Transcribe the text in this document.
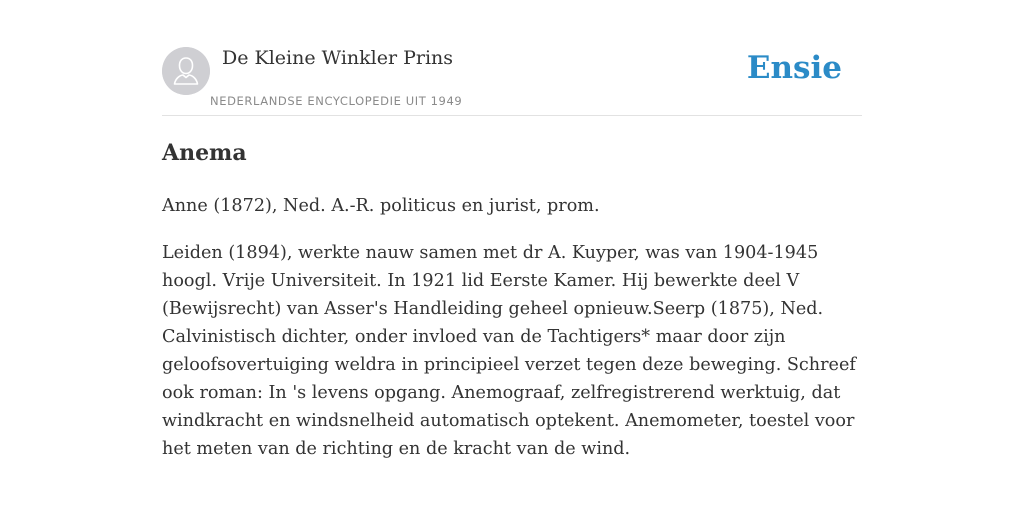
De Kleine Winkler Prins
NEDERLANDSE ENCYCLOPEDIE UIT 1949
Ensie
Anema

Anne (1872), Ned. A.-R. politicus en jurist, prom.

Leiden (1894), werkte nauw samen met dr A. Kuyper, was van 1904-1945 hoogl. Vrije Universiteit. In 1921 lid Eerste Kamer. Hij bewerkte deel V (Bewijsrecht) van Asser's Handleiding geheel opnieuw.Seerp (1875), Ned. Calvinistisch dichter, onder invloed van de Tachtigers* maar door zijn geloofsovertuiging weldra in principieel verzet tegen deze beweging. Schreef ook roman: In 's levens opgang. Anemograaf, zelfregistrerend werktuig, dat windkracht en windsnelheid automatisch optekent. Anemometer, toestel voor het meten van de richting en de kracht van de wind.
